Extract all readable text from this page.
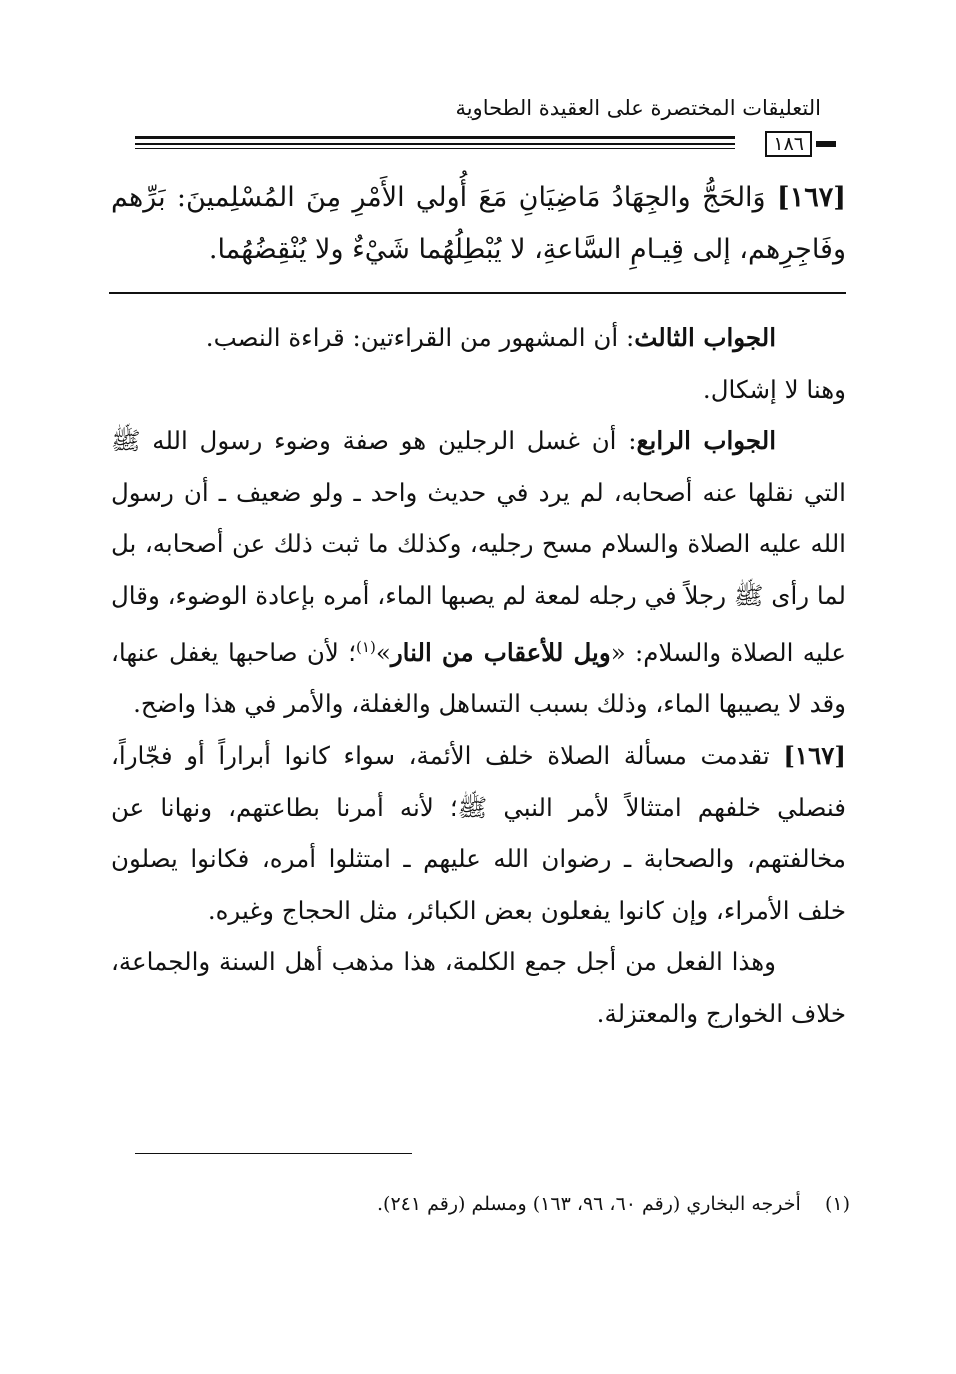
التعليقات المختصرة على العقيدة الطحاوية
١٨٦
[١٦٧] وَالحَجُّ والجِهَادُ مَاضِيَانِ مَعَ أُولي الأَمْرِ مِنَ المُسْلِمينَ: بَرِّهم وفَاجِرِهم، إلى قِيـامِ السَّاعةِ، لا يُبْطِلُهُما شَيْءٌ ولا يُنْقِضُهُما.

الجواب الثالث: أن المشهور من القراءتين: قراءة النصب.

وهنا لا إشكال.

الجواب الرابع: أن غسل الرجلين هو صفة وضوء رسول الله ﷺ التي نقلها عنه أصحابه، لم يرد في حديث واحد ـ ولو ضعيف ـ أن رسول الله عليه الصلاة والسلام مسح رجليه، وكذلك ما ثبت ذلك عن أصحابه، بل لما رأى ﷺ رجلاً في رجله لمعة لم يصبها الماء، أمره بإعادة الوضوء، وقال عليه الصلاة والسلام: «ويل للأعقاب من النار»$^{(١)}$؛ لأن صاحبها يغفل عنها، وقد لا يصيبها الماء، وذلك بسبب التساهل والغفلة، والأمر في هذا واضح.

[١٦٧] تقدمت مسألة الصلاة خلف الأئمة، سواء كانوا أبراراً أو فجّاراً، فنصلي خلفهم امتثالاً لأمر النبي ﷺ؛ لأنه أمرنا بطاعتهم، ونهانا عن مخالفتهم، والصحابة ـ رضوان الله عليهم ـ امتثلوا أمره، فكانوا يصلون خلف الأمراء، وإن كانوا يفعلون بعض الكبائر، مثل الحجاج وغيره.

وهذا الفعل من أجل جمع الكلمة، هذا مذهب أهل السنة والجماعة، خلاف الخوارج والمعتزلة.

(١)    أخرجه البخاري (رقم ٦٠، ٩٦، ١٦٣) ومسلم (رقم ٢٤١).
